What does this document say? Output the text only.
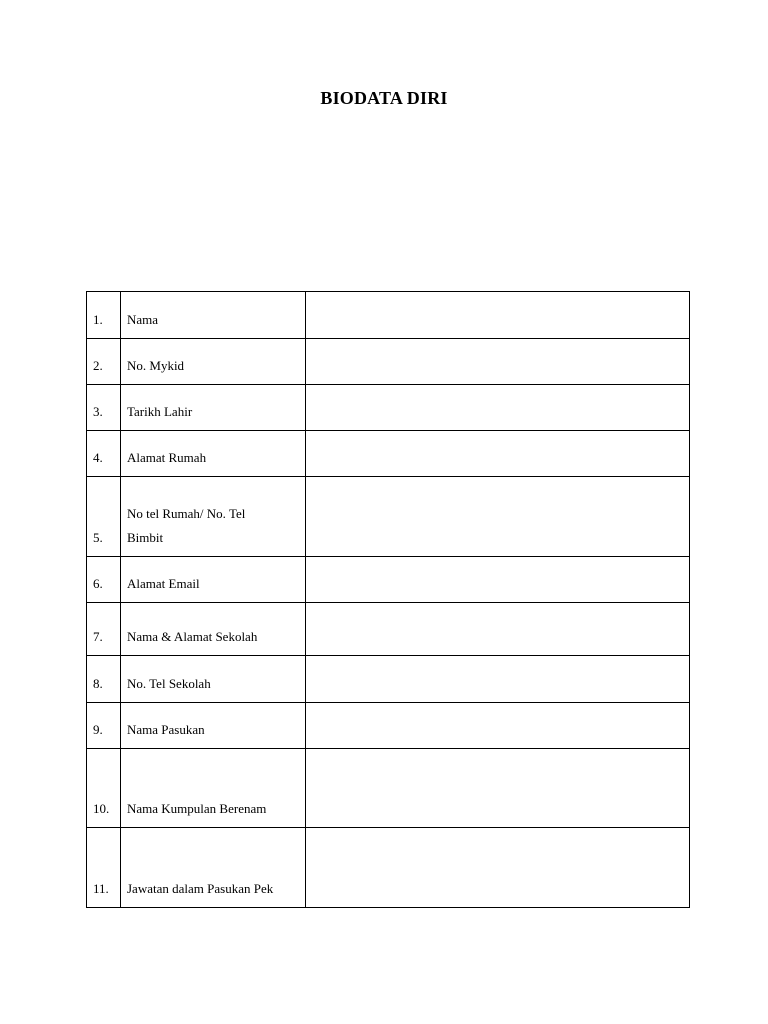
BIODATA DIRI
1.	Nama	
2.	No. Mykid	
3.	Tarikh Lahir	
4.	Alamat Rumah	
5.	No tel Rumah/ No. Tel
Bimbit	

6.	Alamat Email	
7.	Nama & Alamat Sekolah	
8.	No. Tel Sekolah	
9.	Nama Pasukan	
10.	Nama Kumpulan Berenam	
11.	Jawatan dalam Pasukan Pek	
